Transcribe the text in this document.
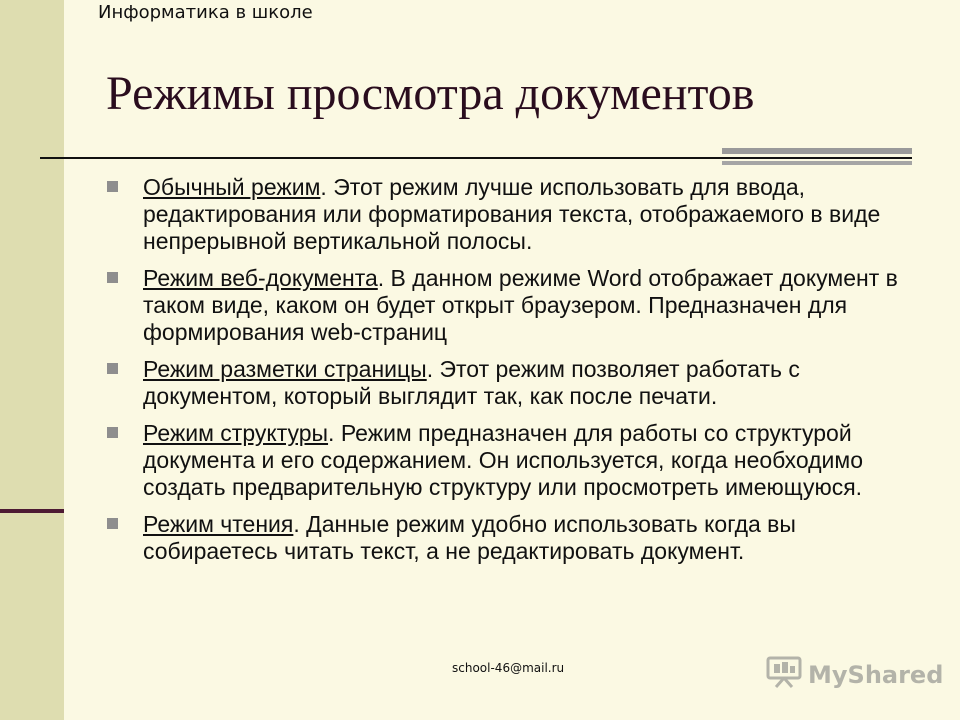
Информатика в школе
Режимы просмотра документов
Обычный режим. Этот режим лучше использовать для ввода, редактирования или форматирования текста, отображаемого в виде непрерывной вертикальной полосы.
Режим веб-документа. В данном режиме Word отображает документ в таком виде, каком он будет открыт браузером. Предназначен для формирования web-страниц
Режим разметки страницы. Этот режим позволяет работать с документом, который выглядит так, как после печати.
Режим структуры. Режим предназначен для работы со структурой документа и его содержанием. Он используется, когда необходимо создать предварительную структуру или просмотреть имеющуюся.
Режим чтения. Данные режим удобно использовать когда вы собираетесь читать текст, а не редактировать документ.
school-46@mail.ru	MyShared
